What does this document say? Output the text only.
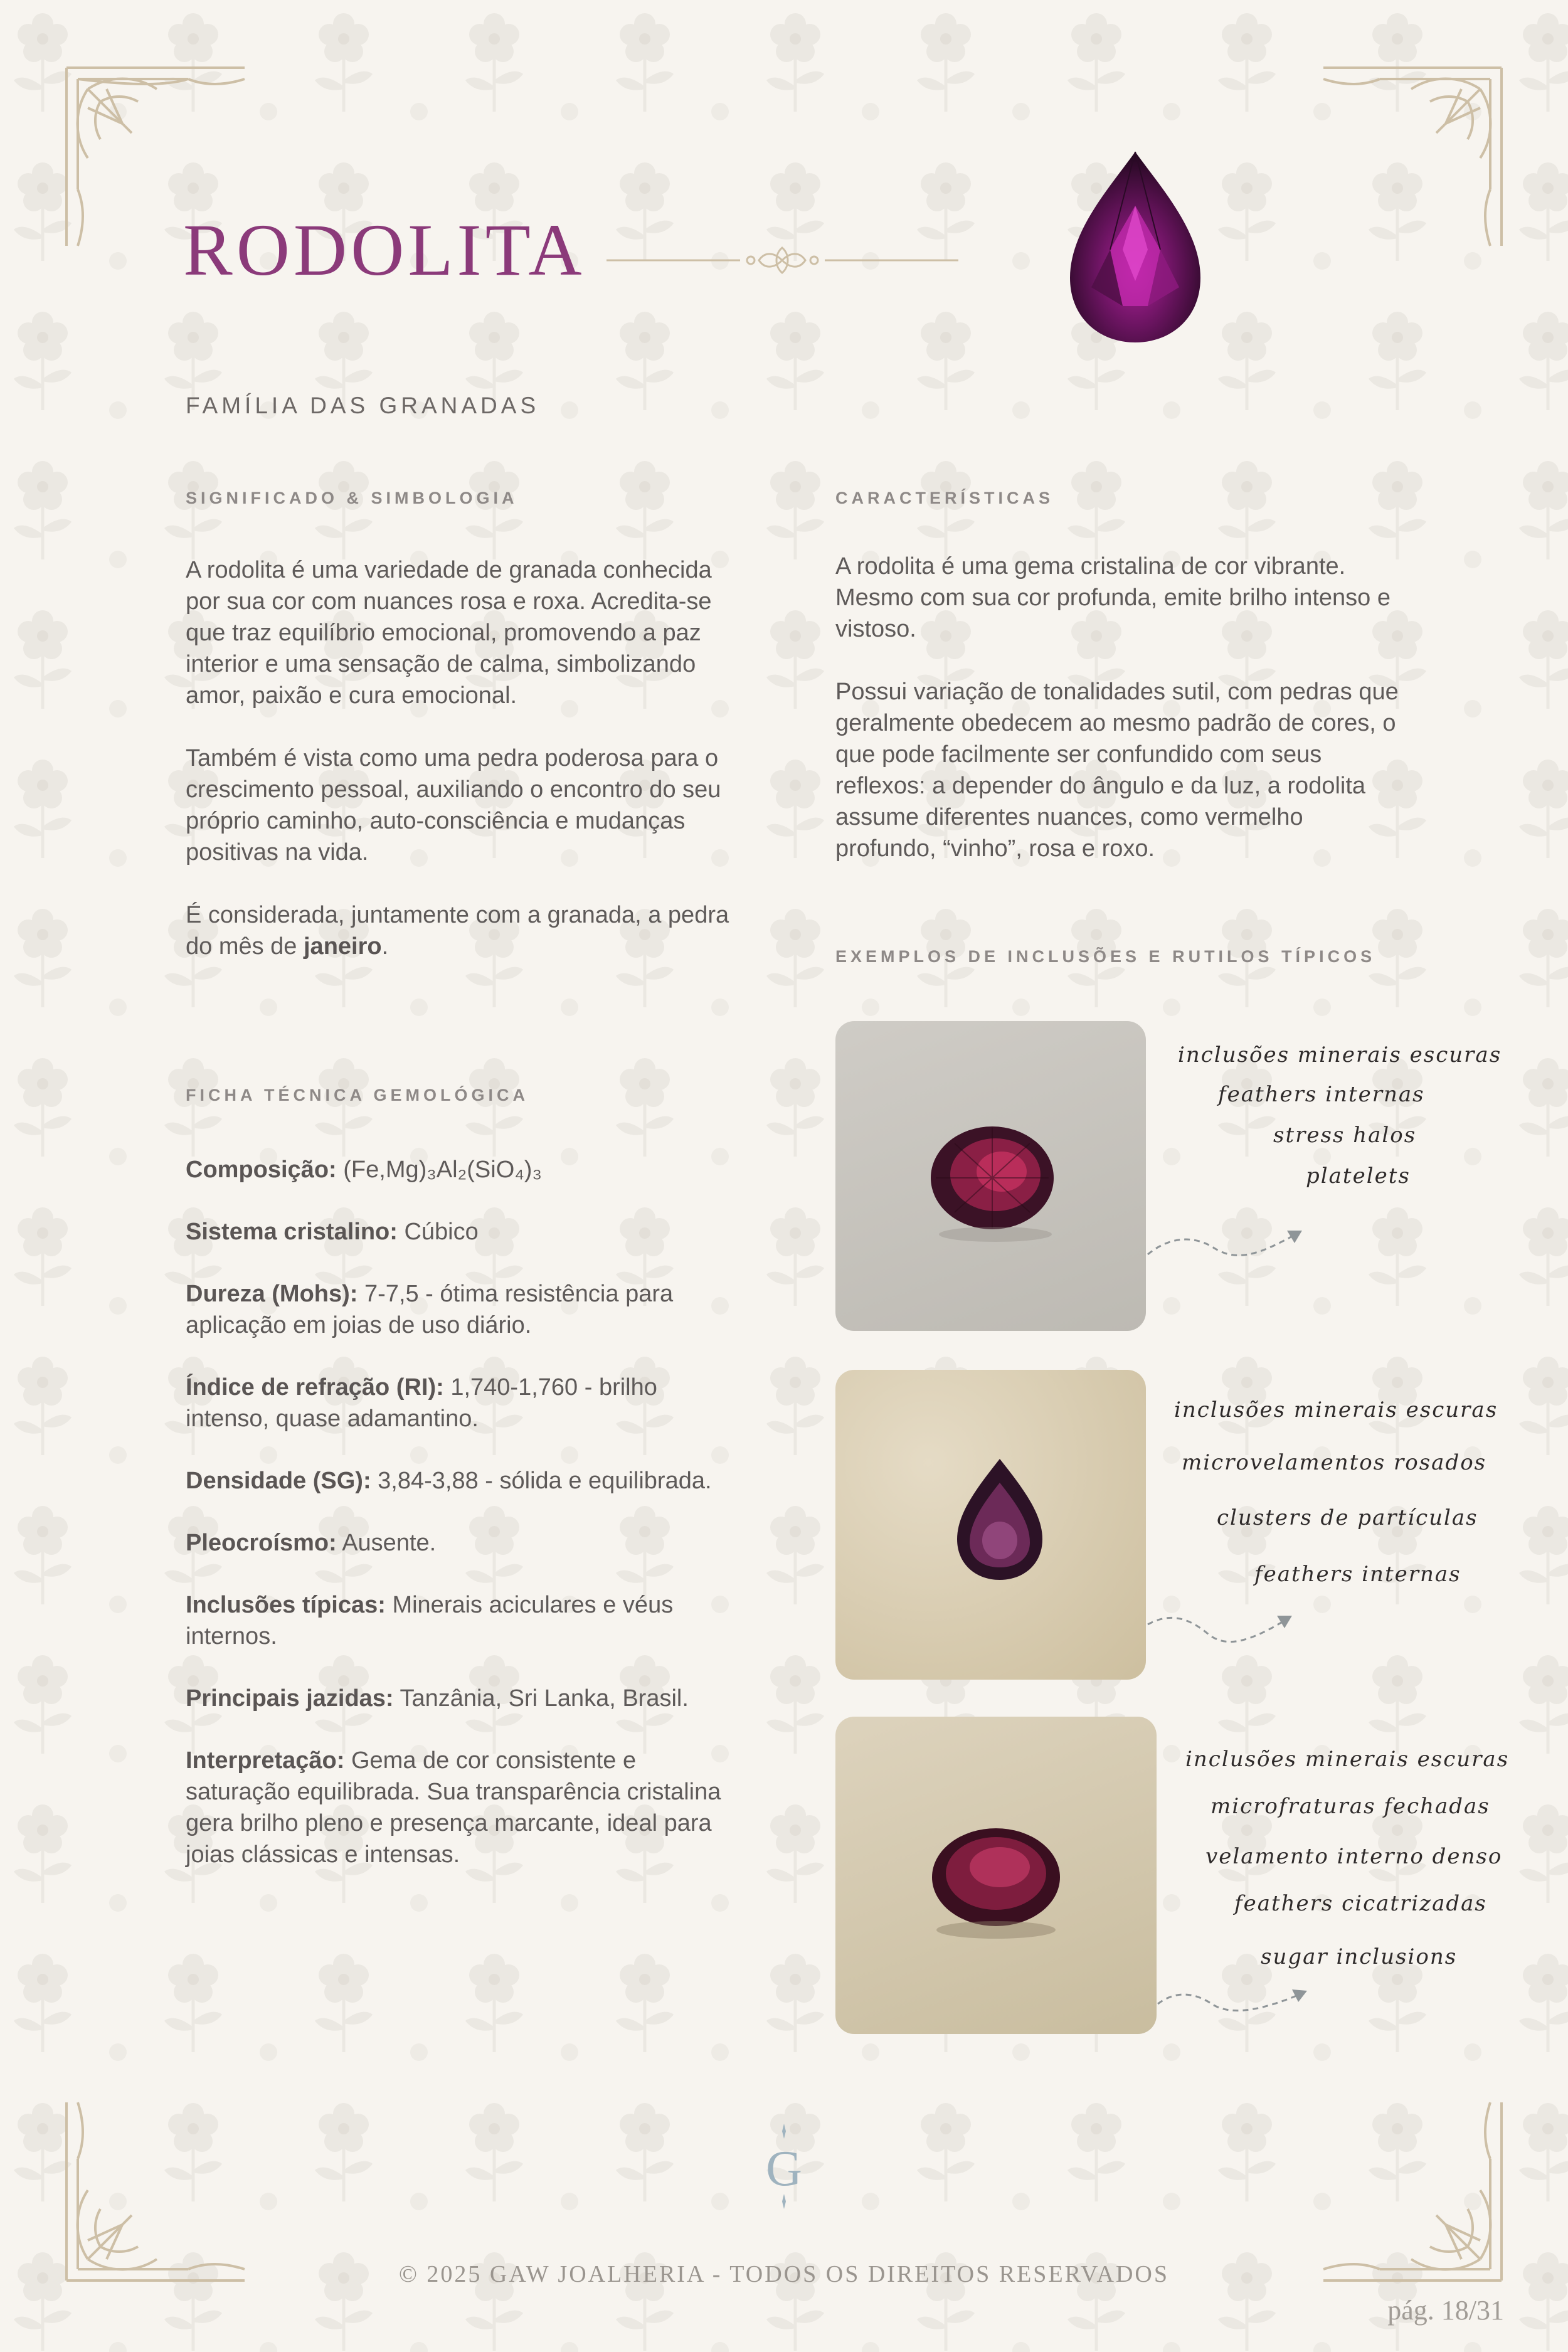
RODOLITA
FAMÍLIA DAS GRANADAS
SIGNIFICADO & SIMBOLOGIA

A rodolita é uma variedade de granada conhecida por sua cor com nuances rosa e roxa. Acredita-se que traz equilíbrio emocional, promovendo a paz interior e uma sensação de calma, simbolizando amor, paixão e cura emocional.

Também é vista como uma pedra poderosa para o crescimento pessoal, auxiliando o encontro do seu próprio caminho, auto-consciência e mudanças positivas na vida.

É considerada, juntamente com a granada, a pedra do mês de janeiro.

CARACTERÍSTICAS

A rodolita é uma gema cristalina de cor vibrante. Mesmo com sua cor profunda, emite brilho intenso e vistoso.

Possui variação de tonalidades sutil, com pedras que geralmente obedecem ao mesmo padrão de cores, o que pode facilmente ser confundido com seus reflexos: a depender do ângulo e da luz, a rodolita assume diferentes nuances, como vermelho profundo, “vinho”, rosa e roxo.

FICHA TÉCNICA GEMOLÓGICA

Composição: (Fe,Mg)₃Al₂(SiO₄)₃

Sistema cristalino: Cúbico

Dureza (Mohs): 7-7,5 - ótima resistência para aplicação em joias de uso diário.

Índice de refração (RI): 1,740-1,760 - brilho intenso, quase adamantino.

Densidade (SG): 3,84-3,88 - sólida e equilibrada.

Pleocroísmo: Ausente.

Inclusões típicas: Minerais aciculares e véus internos.

Principais jazidas: Tanzânia, Sri Lanka, Brasil.

Interpretação: Gema de cor consistente e saturação equilibrada. Sua transparência cristalina gera brilho pleno e presença marcante, ideal para joias clássicas e intensas.

EXEMPLOS DE INCLUSÕES E RUTILOS TÍPICOS
inclusões minerais escuras
feathers internas
stress halos
platelets
inclusões minerais escuras
microvelamentos rosados
clusters de partículas
feathers internas
inclusões minerais escuras
microfraturas fechadas
velamento interno denso
feathers cicatrizadas
sugar inclusions
G
© 2025 GAW JOALHERIA - TODOS OS DIREITOS RESERVADOS
pág. 18/31
